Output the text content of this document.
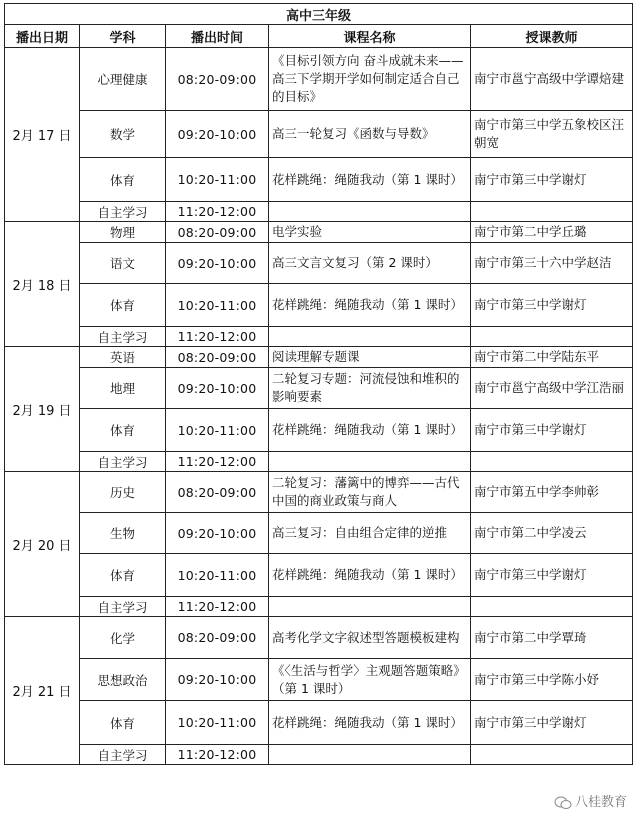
高中三年级				
播出日期	学科	播出时间	课程名称	授课教师
2月 17 日	心理健康	08:20-09:00	《目标引领方向 奋斗成就未来——高三下学期开学如何制定适合自己的目标》	南宁市邕宁高级中学谭焙建
	数学	09:20-10:00	高三一轮复习《函数与导数》	南宁市第三中学五象校区汪朝宽
	体育	10:20-11:00	花样跳绳：绳随我动（第 1 课时）	南宁市第三中学谢灯
	自主学习	11:20-12:00		
2月 18 日	物理	08:20-09:00	电学实验	南宁市第二中学丘璐
	语文	09:20-10:00	高三文言文复习（第 2 课时）	南宁市第三十六中学赵洁
	体育	10:20-11:00	花样跳绳：绳随我动（第 1 课时）	南宁市第三中学谢灯
	自主学习	11:20-12:00		
2月 19 日	英语	08:20-09:00	阅读理解专题课	南宁市第二中学陆东平
	地理	09:20-10:00	二轮复习专题：河流侵蚀和堆积的影响要素	南宁市邕宁高级中学江浩丽
	体育	10:20-11:00	花样跳绳：绳随我动（第 1 课时）	南宁市第三中学谢灯
	自主学习	11:20-12:00		
2月 20 日	历史	08:20-09:00	二轮复习：藩篱中的博弈——古代中国的商业政策与商人	南宁市第五中学李帅彰
	生物	09:20-10:00	高三复习：自由组合定律的逆推	南宁市第二中学凌云
	体育	10:20-11:00	花样跳绳：绳随我动（第 1 课时）	南宁市第三中学谢灯
	自主学习	11:20-12:00		
2月 21 日	化学	08:20-09:00	高考化学文字叙述型答题模板建构	南宁市第二中学覃琦
	思想政治	09:20-10:00	《〈生活与哲学〉主观题答题策略》（第 1 课时）	南宁市第三中学陈小妤
	体育	10:20-11:00	花样跳绳：绳随我动（第 1 课时）	南宁市第三中学谢灯
	自主学习	11:20-12:00		
八桂教育
